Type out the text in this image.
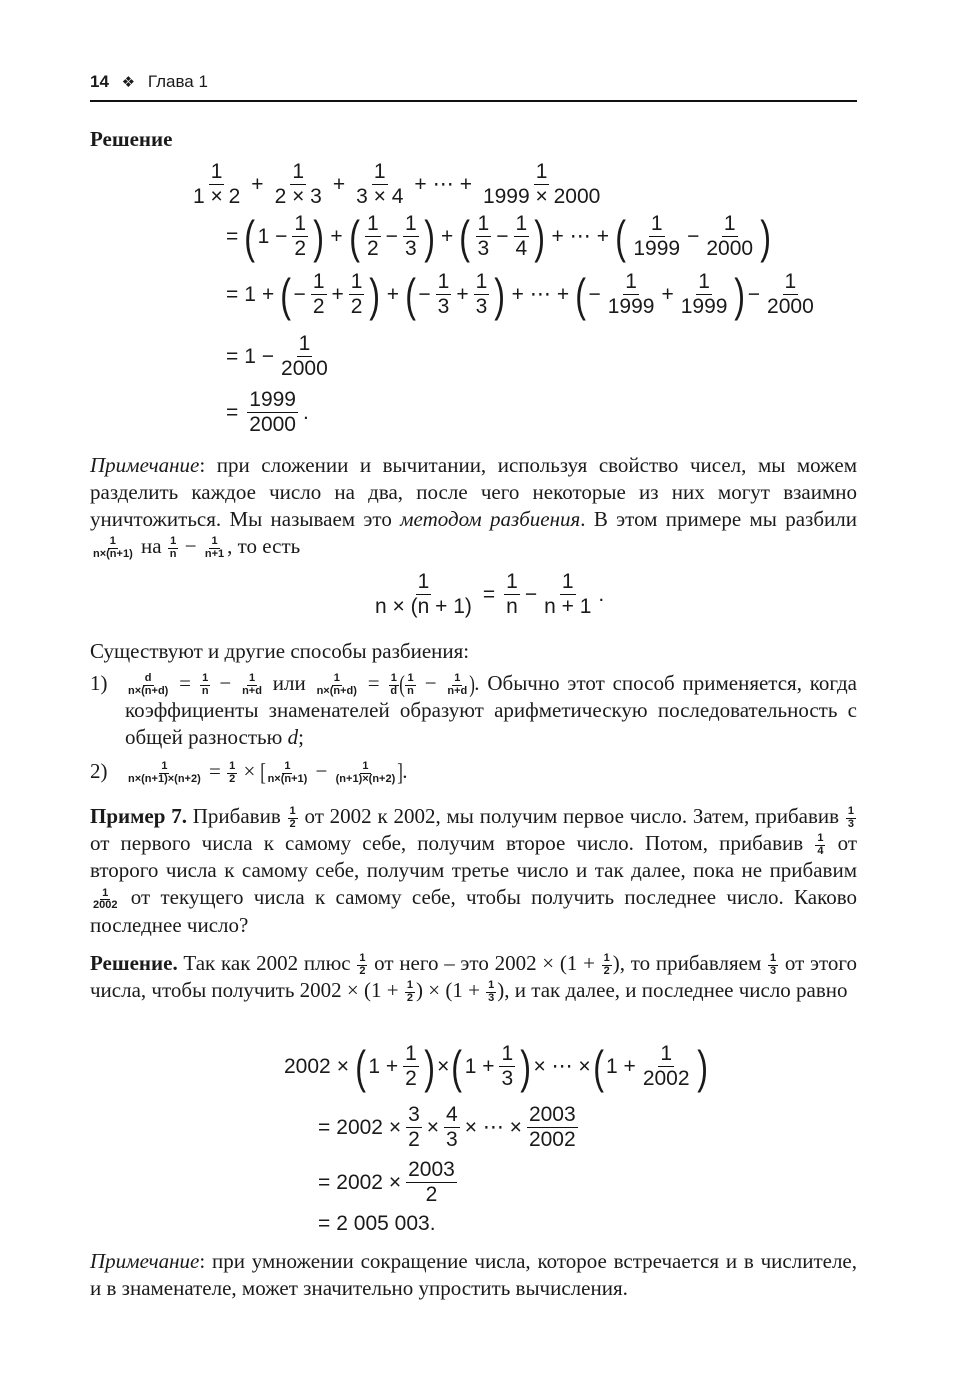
14 ❖ Глава 1
Решение
$\frac{1}{1 \times 2} + \frac{1}{2 \times 3} + \frac{1}{3 \times 4}$ + ⋯ + $\frac{1}{1999 \times 2000}$
= ( $1 - \frac{1}{2}$ ) + ( $\frac{1}{2} - \frac{1}{3}$ ) + ( $\frac{1}{3} - \frac{1}{4}$ ) + ⋯ + ( $\frac{1}{1999} - \frac{1}{2000}$ )
= 1 + ( − $\frac{1}{2} + \frac{1}{2}$ ) + ( − $\frac{1}{3} + \frac{1}{3}$ ) + ⋯ + ( − $\frac{1}{1999} + \frac{1}{1999}$ ) − $\frac{1}{2000}$
= $1 - \frac{1}{2000}$
= $\frac{1999}{2000}$ .
Примечание: при сложении и вычитании, используя свойство чисел, мы можем разделить каждое число на два, после чего некоторые из них могут взаимно уничтожиться. Мы называем это методом разбиения. В этом примере мы разбили
$\frac{1}{n\times(n+1)}$ на $\frac{1}{n} - \frac{1}{n+1}$ , то есть
$\frac{1}{n \times (n + 1)} = \frac{1}{n} - \frac{1}{n + 1}$ .
Существуют и другие способы разбиения:
1)	$\frac{d}{n\times(n+d)} = \frac{1}{n} - \frac{1}{n+d}$ или $\frac{1}{n\times(n+d)} = \frac{1}{d}$ ( $\frac{1}{n} - \frac{1}{n+d}$ ). Обычно этот способ применяется, когда коэффициенты знаменателей образуют арифметическую последовательность с общей разностью d;
2)	$\frac{1}{n\times(n+1)\times(n+2)} = \frac{1}{2}$ × [ $\frac{1}{n\times(n+1)} - \frac{1}{(n+1)\times(n+2)}$ ].
Пример 7. Прибавив $\frac{1}{2}$ от 2002 к 2002, мы получим первое число. Затем, прибавив $\frac{1}{3}$
от первого числа к самому себе, получим второе число. Потом, прибавив $\frac{1}{4}$ от второго числа к самому себе, получим третье число и так далее, пока не прибавим
$\frac{1}{2002}$ от текущего числа к самому себе, чтобы получить последнее число. Каково последнее число?
Решение. Так как 2002 плюс $\frac{1}{2}$ от него – это $2002 \times (1 + \frac{1}{2}$ ), то прибавляем $\frac{1}{3}$ от этого числа, чтобы получить $2002 \times (1 + \frac{1}{2}$ ) × ($1 + \frac{1}{3}$ ), и так далее, и последнее число равно
2002 × ( $1 + \frac{1}{2}$ ) × ( $1 + \frac{1}{3}$ ) × ⋯ × ( $1 + \frac{1}{2002}$ )
= $2002 \times \frac{3}{2} \times \frac{4}{3}$ × ⋯ × $\frac{2003}{2002}$
= $2002 \times \frac{2003}{2}$
= 2 005 003.
Примечание: при умножении сокращение числа, которое встречается и в числителе, и в знаменателе, может значительно упростить вычисления.
